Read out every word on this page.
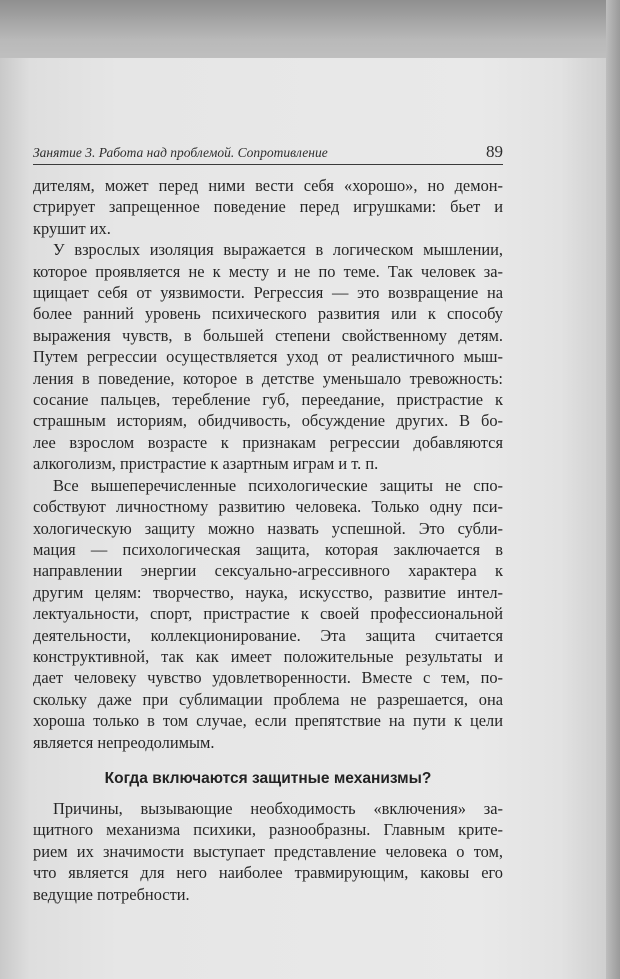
Занятие 3. Работа над проблемой. Сопротивление	89
дителям, может перед ними вести себя «хорошо», но демон-
стрирует запрещенное поведение перед игрушками: бьет и
крушит их.
У взрослых изоляция выражается в логическом мышлении,
которое проявляется не к месту и не по теме. Так человек за-
щищает себя от уязвимости. Регрессия — это возвращение на
более ранний уровень психического развития или к способу
выражения чувств, в большей степени свойственному детям.
Путем регрессии осуществляется уход от реалистичного мыш-
ления в поведение, которое в детстве уменьшало тревожность:
сосание пальцев, теребление губ, переедание, пристрастие к
страшным историям, обидчивость, обсуждение других. В бо-
лее взрослом возрасте к признакам регрессии добавляются
алкоголизм, пристрастие к азартным играм и т. п.
Все вышеперечисленные психологические защиты не спо-
собствуют личностному развитию человека. Только одну пси-
хологическую защиту можно назвать успешной. Это субли-
мация — психологическая защита, которая заключается в
направлении энергии сексуально-агрессивного характера к
другим целям: творчество, наука, искусство, развитие интел-
лектуальности, спорт, пристрастие к своей профессиональной
деятельности, коллекционирование. Эта защита считается
конструктивной, так как имеет положительные результаты и
дает человеку чувство удовлетворенности. Вместе с тем, по-
скольку даже при сублимации проблема не разрешается, она
хороша только в том случае, если препятствие на пути к цели
является непреодолимым.
Когда включаются защитные механизмы?
Причины, вызывающие необходимость «включения» за-
щитного механизма психики, разнообразны. Главным крите-
рием их значимости выступает представление человека о том,
что является для него наиболее травмирующим, каковы его
ведущие потребности.
